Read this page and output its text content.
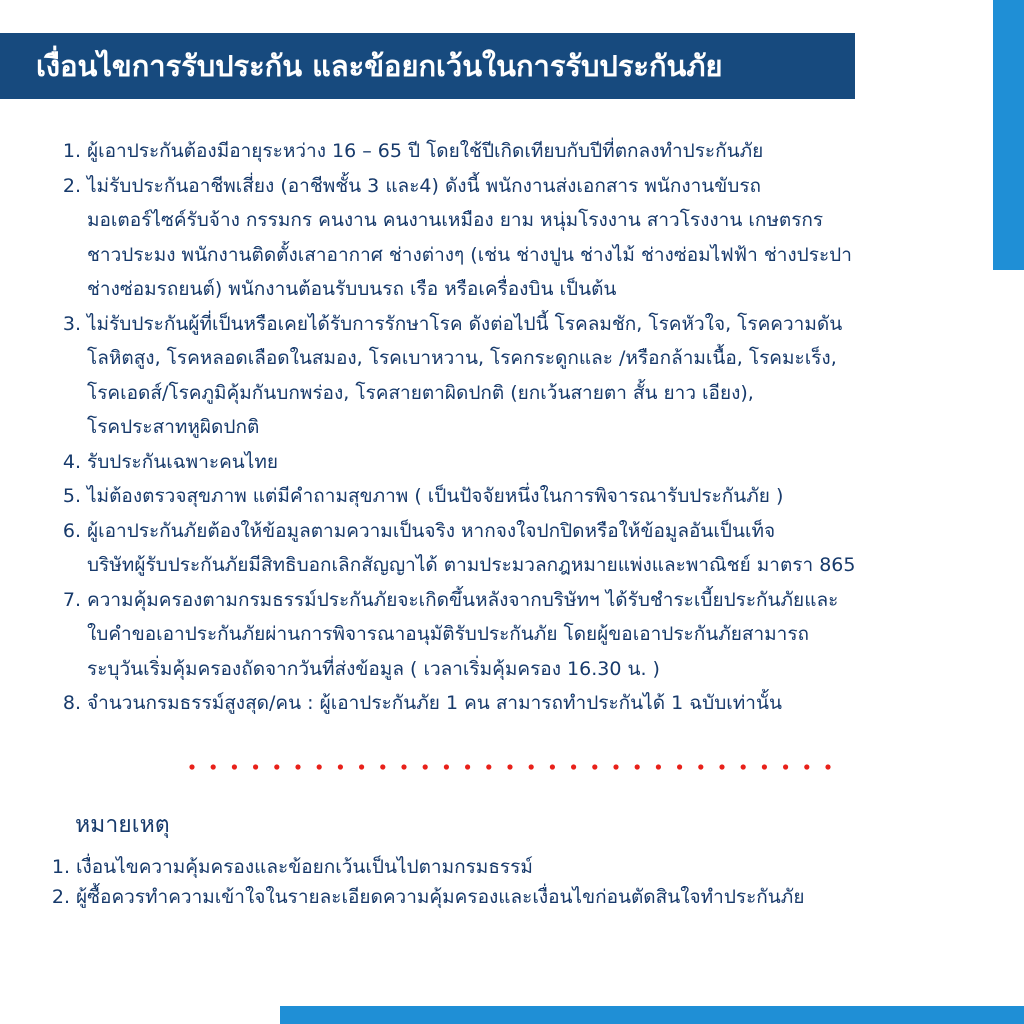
เงื่อนไขการรับประกัน และข้อยกเว้นในการรับประกันภัย
1. ผู้เอาประกันต้องมีอายุระหว่าง 16 – 65 ปี โดยใช้ปีเกิดเทียบกับปีที่ตกลงทำประกันภัย
2. ไม่รับประกันอาชีพเสี่ยง (อาชีพชั้น 3 และ4) ดังนี้ พนักงานส่งเอกสาร พนักงานขับรถ
มอเตอร์ไซค์รับจ้าง กรรมกร คนงาน คนงานเหมือง ยาม หนุ่มโรงงาน สาวโรงงาน เกษตรกร
ชาวประมง พนักงานติดตั้งเสาอากาศ ช่างต่างๆ (เช่น ช่างปูน ช่างไม้ ช่างซ่อมไฟฟ้า ช่างประปา
ช่างซ่อมรถยนต์) พนักงานต้อนรับบนรถ เรือ หรือเครื่องบิน เป็นต้น
3. ไม่รับประกันผู้ที่เป็นหรือเคยได้รับการรักษาโรค ดังต่อไปนี้ โรคลมชัก, โรคหัวใจ, โรคความดัน
โลหิตสูง, โรคหลอดเลือดในสมอง, โรคเบาหวาน, โรคกระดูกและ /หรือกล้ามเนื้อ, โรคมะเร็ง,
โรคเอดส์/โรคภูมิคุ้มกันบกพร่อง, โรคสายตาผิดปกติ (ยกเว้นสายตา สั้น ยาว เอียง),
โรคประสาทหูผิดปกติ
4. รับประกันเฉพาะคนไทย
5. ไม่ต้องตรวจสุขภาพ แต่มีคำถามสุขภาพ ( เป็นปัจจัยหนึ่งในการพิจารณารับประกันภัย )
6. ผู้เอาประกันภัยต้องให้ข้อมูลตามความเป็นจริง หากจงใจปกปิดหรือให้ข้อมูลอันเป็นเท็จ
บริษัทผู้รับประกันภัยมีสิทธิบอกเลิกสัญญาได้ ตามประมวลกฎหมายแพ่งและพาณิชย์ มาตรา 865
7. ความคุ้มครองตามกรมธรรม์ประกันภัยจะเกิดขึ้นหลังจากบริษัทฯ ได้รับชำระเบี้ยประกันภัยและ
ใบคำขอเอาประกันภัยผ่านการพิจารณาอนุมัติรับประกันภัย โดยผู้ขอเอาประกันภัยสามารถ
ระบุวันเริ่มคุ้มครองถัดจากวันที่ส่งข้อมูล ( เวลาเริ่มคุ้มครอง 16.30 น. )
8. จำนวนกรมธรรม์สูงสุด/คน : ผู้เอาประกันภัย 1 คน สามารถทำประกันได้ 1 ฉบับเท่านั้น
หมายเหตุ
1. เงื่อนไขความคุ้มครองและข้อยกเว้นเป็นไปตามกรมธรรม์
2. ผู้ซื้อควรทำความเข้าใจในรายละเอียดความคุ้มครองและเงื่อนไขก่อนตัดสินใจทำประกันภัย
